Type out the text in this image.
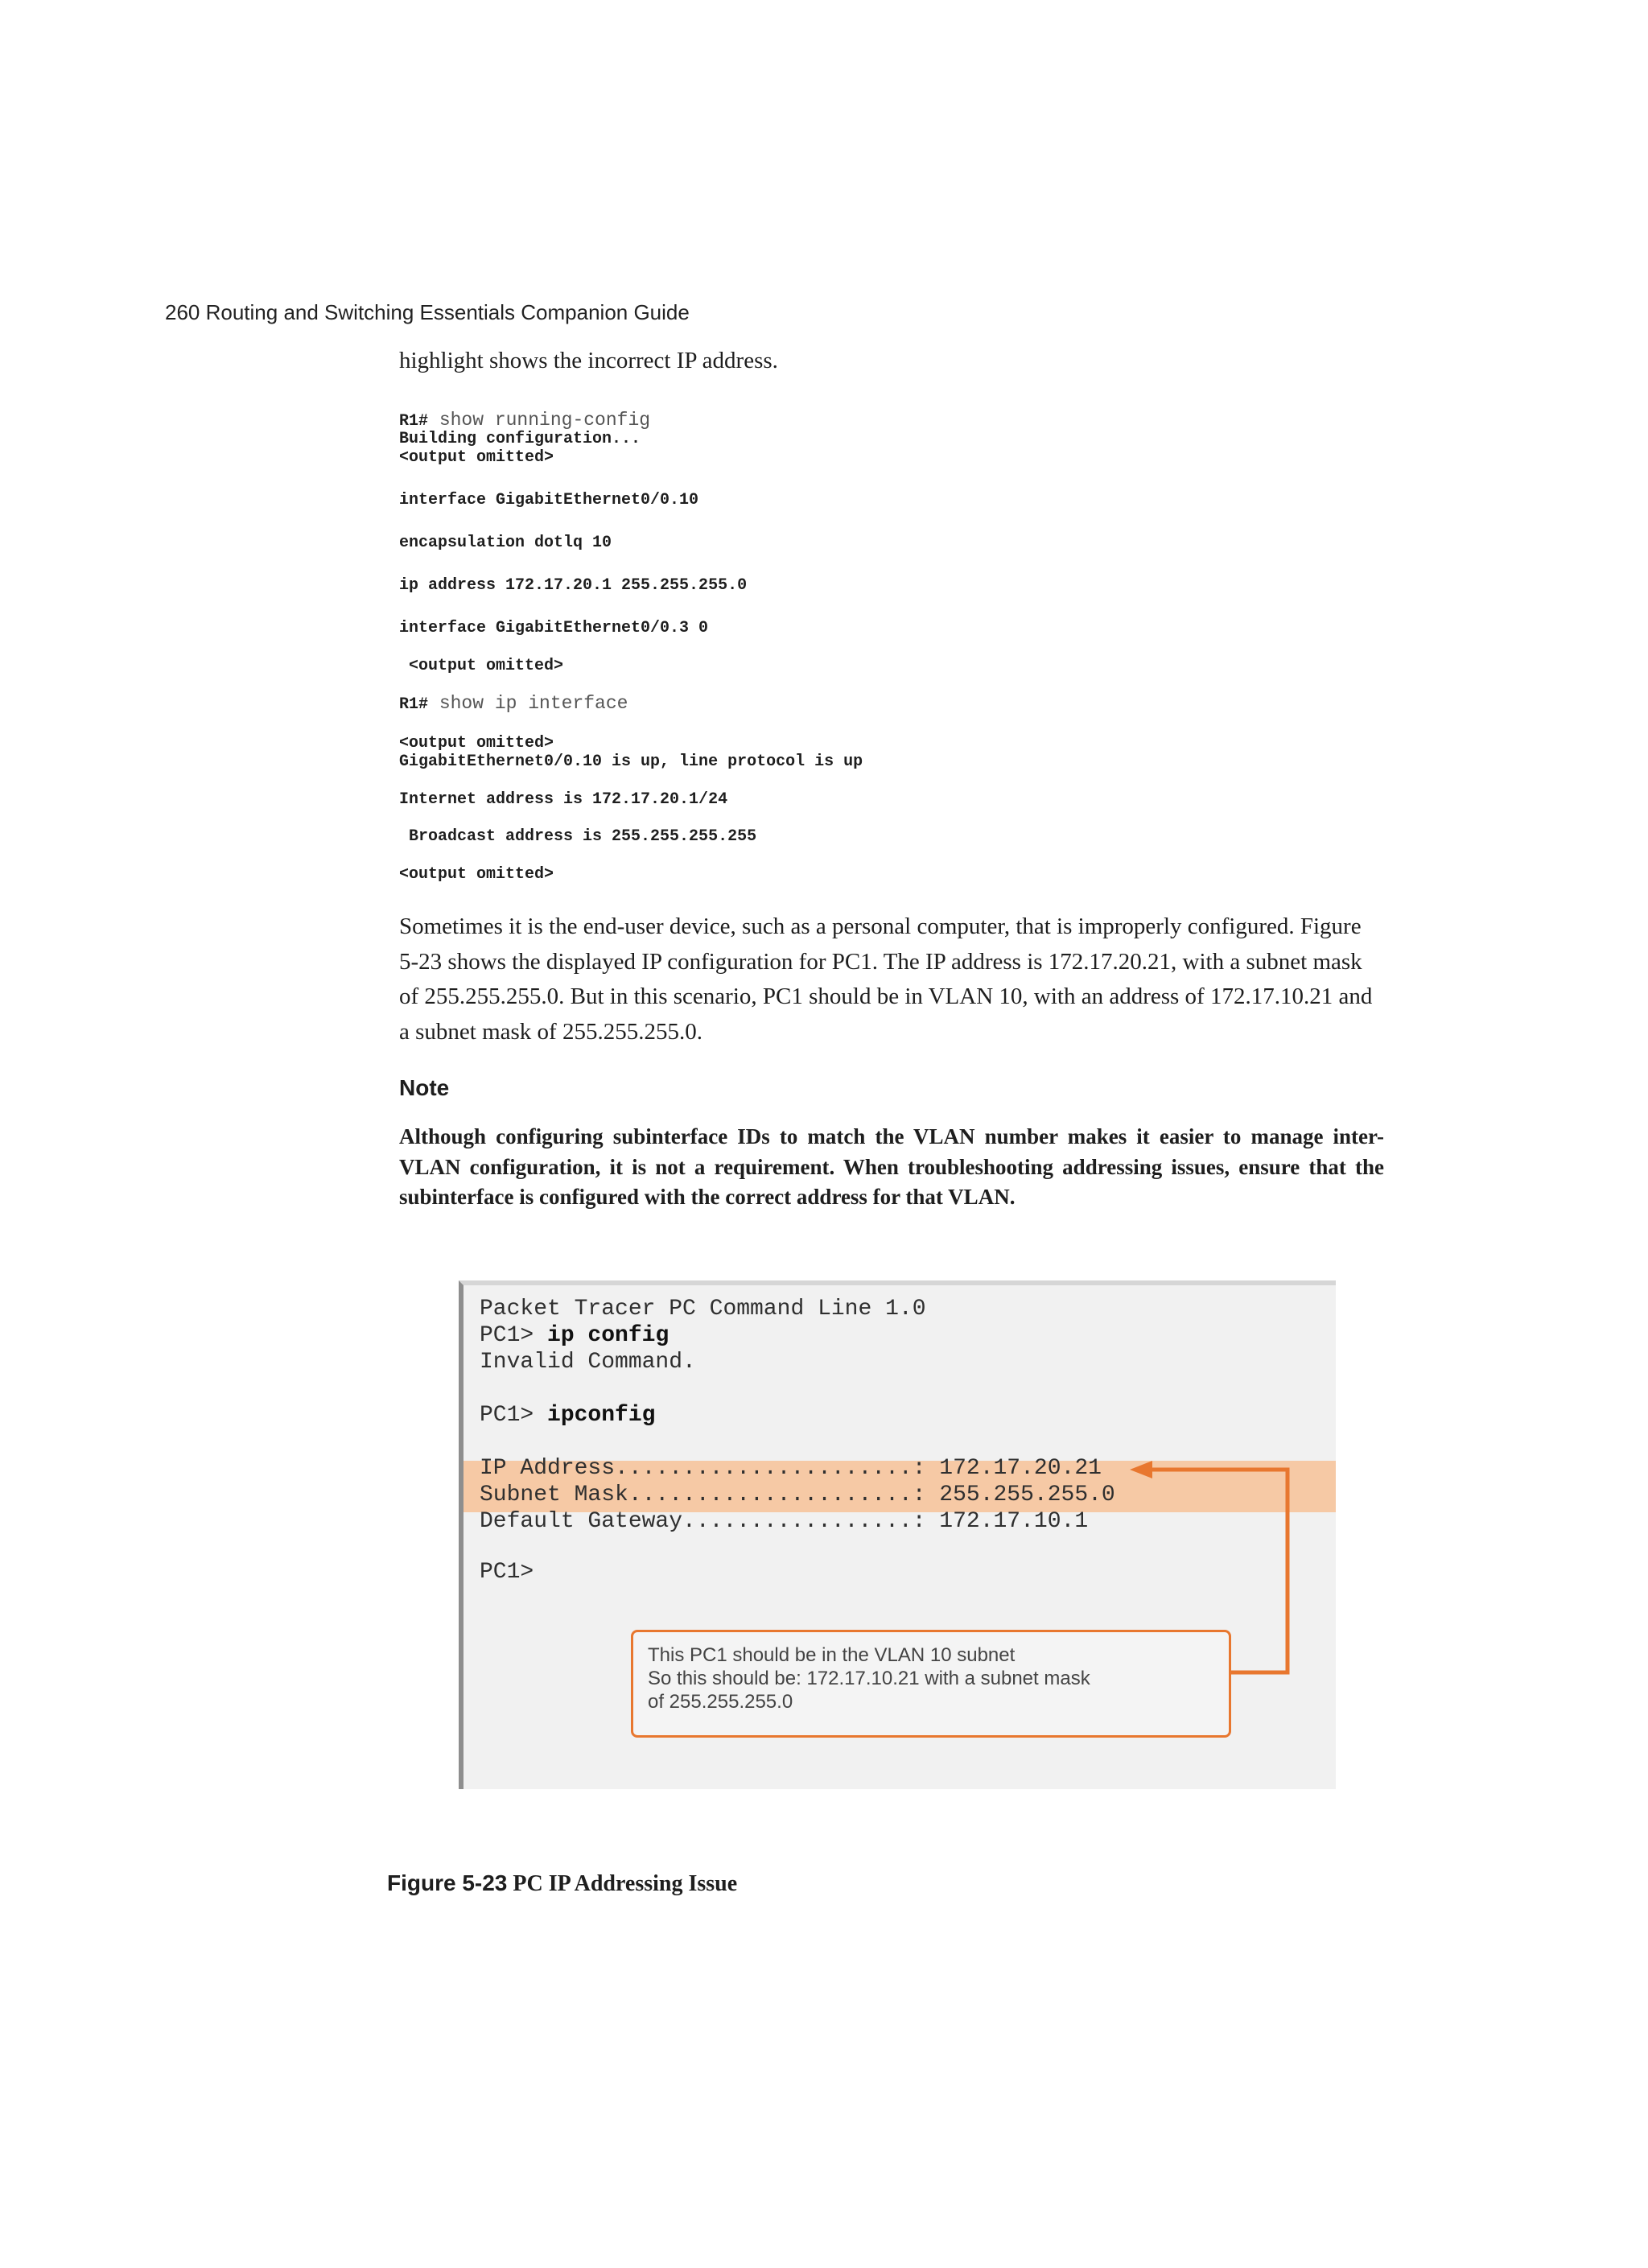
260 Routing and Switching Essentials Companion Guide
highlight shows the incorrect IP address.

R1# show running-config

Building configuration...

<output omitted>

interface GigabitEthernet0/0.10

encapsulation dotlq 10

ip address 172.17.20.1 255.255.255.0

interface GigabitEthernet0/0.3 0

<output omitted>

R1# show ip interface

<output omitted>

GigabitEthernet0/0.10 is up, line protocol is up

Internet address is 172.17.20.1/24

Broadcast address is 255.255.255.255

<output omitted>

Sometimes it is the end-user device, such as a personal computer, that is improperly configured. Figure 5-23 shows the displayed IP configuration for PC1. The IP address is 172.17.20.21, with a subnet mask of 255.255.255.0. But in this scenario, PC1 should be in VLAN 10, with an address of 172.17.10.21 and a subnet mask of 255.255.255.0.
Note
Although configuring subinterface IDs to match the VLAN number makes it easier to manage inter-VLAN configuration, it is not a requirement. When troubleshooting addressing issues, ensure that the subinterface is configured with the correct address for that VLAN.
Packet Tracer PC Command Line 1.0
PC1> ip config
Invalid Command.
PC1> ipconfig
IP Address......................: 172.17.20.21
Subnet Mask.....................: 255.255.255.0
Default Gateway.................: 172.17.10.1
PC1>
This PC1 should be in the VLAN 10 subnet
So this should be: 172.17.10.21 with a subnet mask
of 255.255.255.0
Figure 5-23 PC IP Addressing Issue
